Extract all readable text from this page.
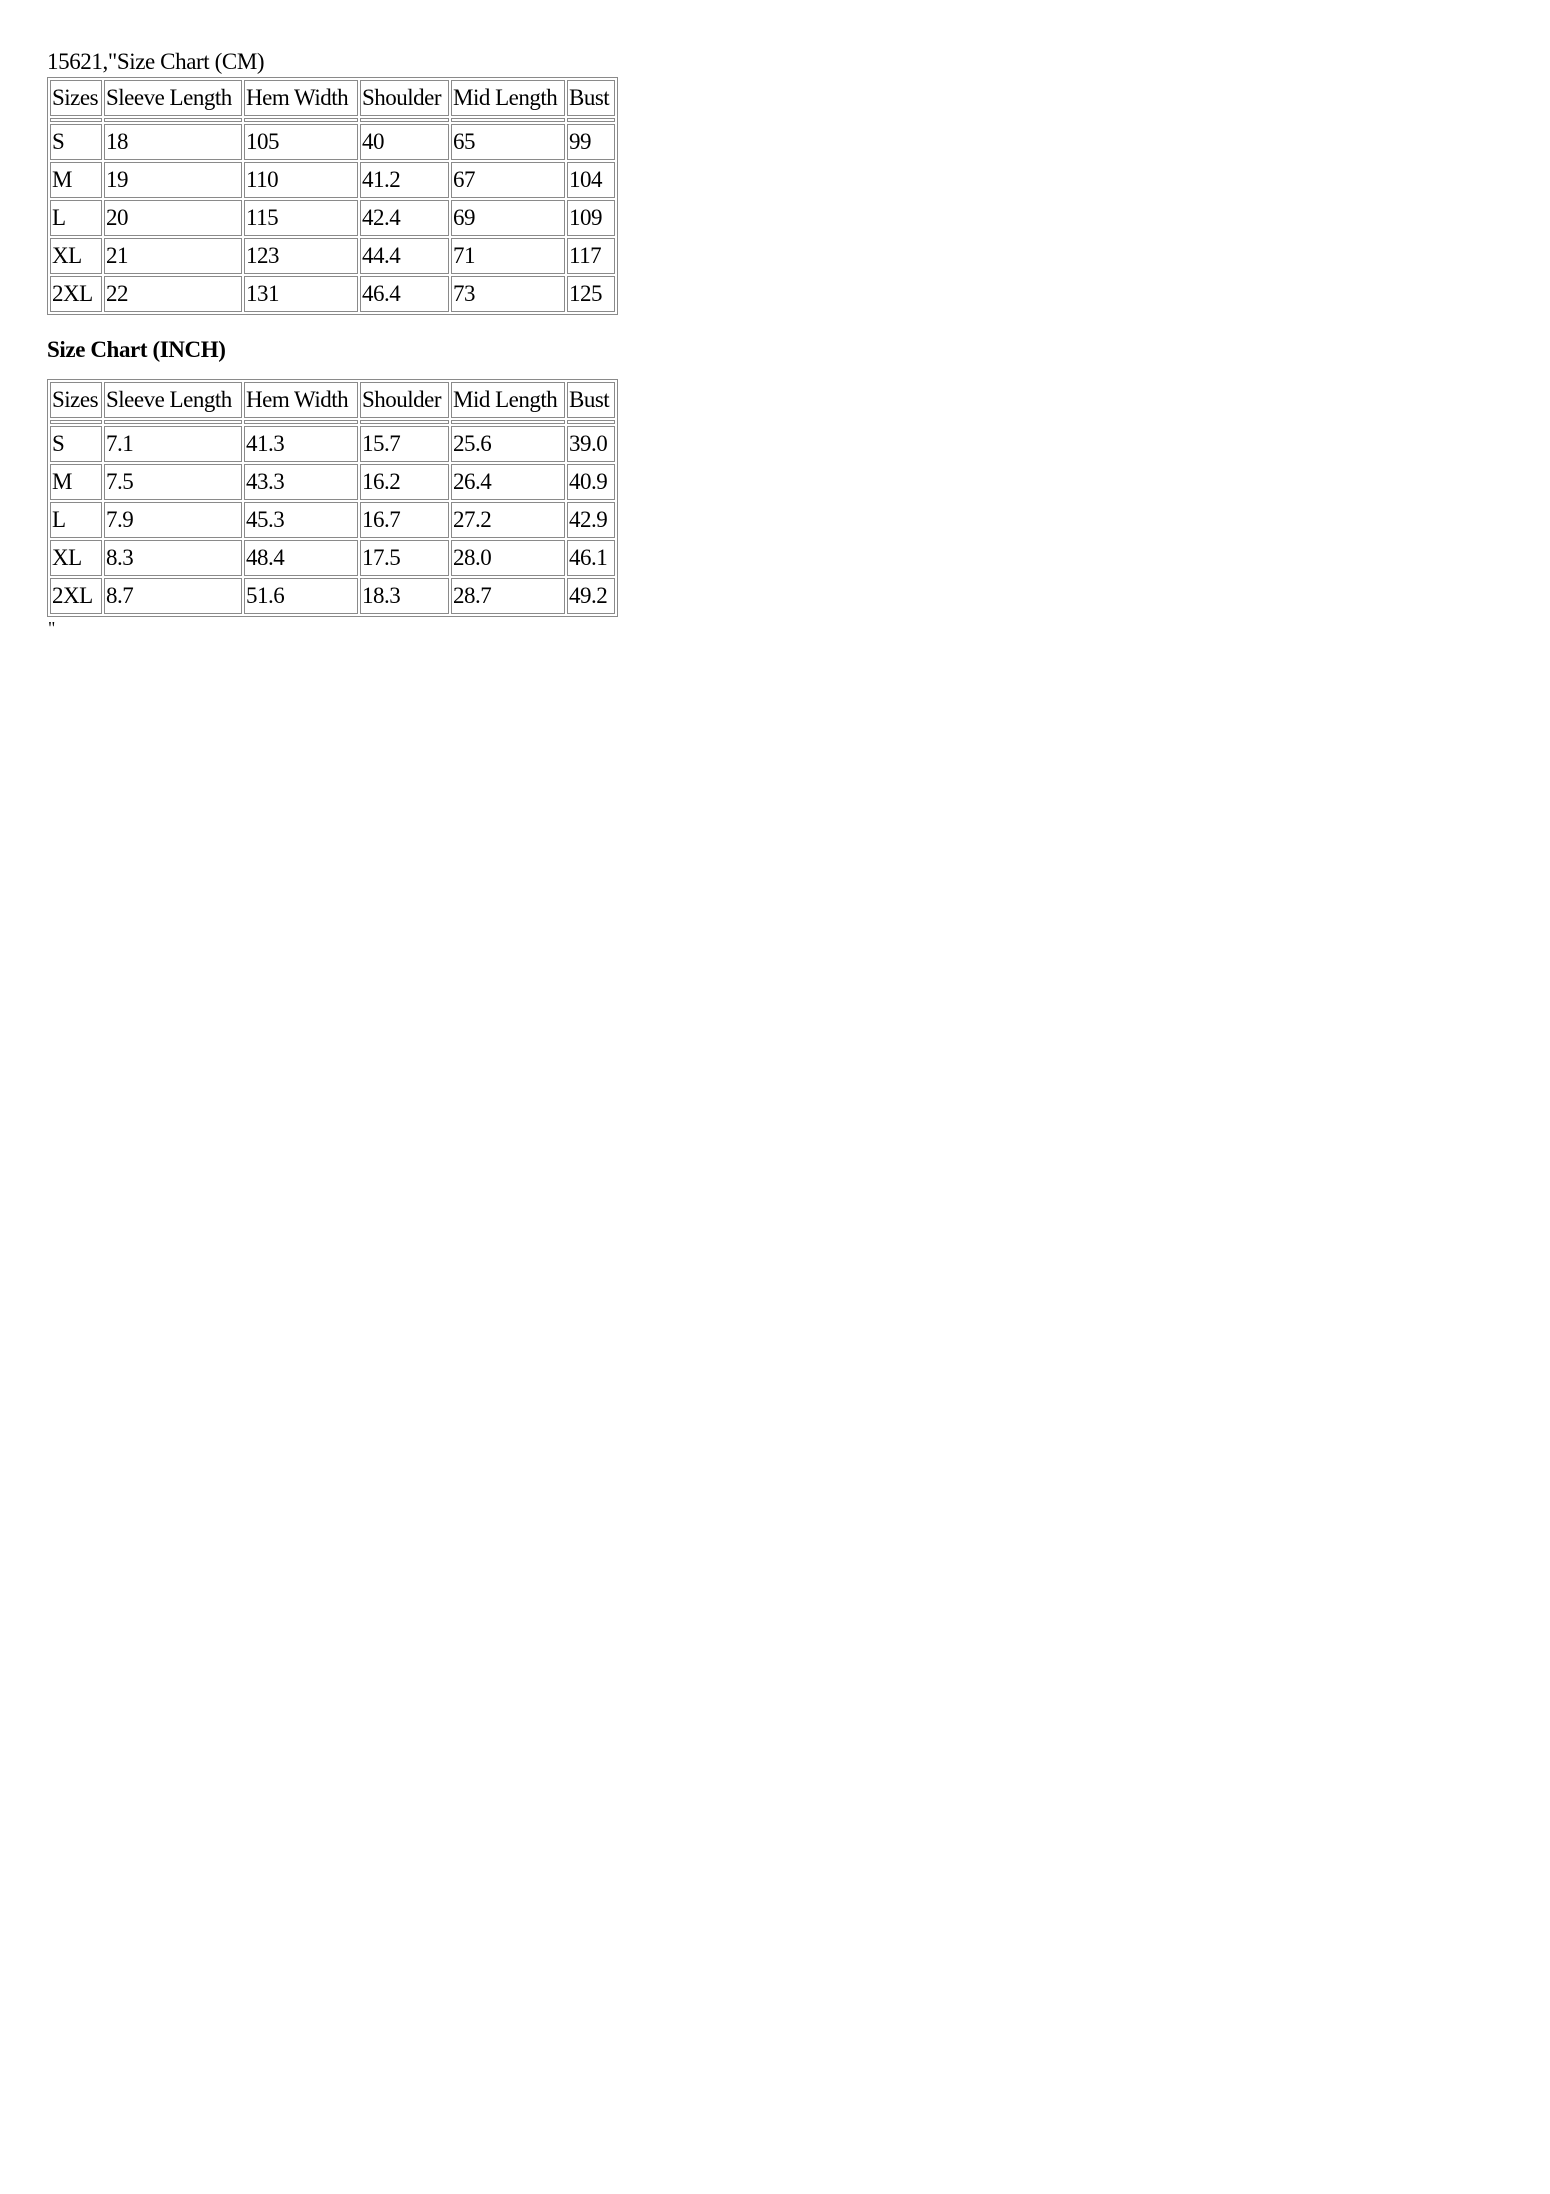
15621,"Size Chart (CM)
Sizes	Sleeve Length	Hem Width	Shoulder	Mid Length	Bust

S	18	105	40	65	99
M	19	110	41.2	67	104
L	20	115	42.4	69	109
XL	21	123	44.4	71	117
2XL	22	131	46.4	73	125
Size Chart (INCH)
Sizes	Sleeve Length	Hem Width	Shoulder	Mid Length	Bust

S	7.1	41.3	15.7	25.6	39.0
M	7.5	43.3	16.2	26.4	40.9
L	7.9	45.3	16.7	27.2	42.9
XL	8.3	48.4	17.5	28.0	46.1
2XL	8.7	51.6	18.3	28.7	49.2
"
